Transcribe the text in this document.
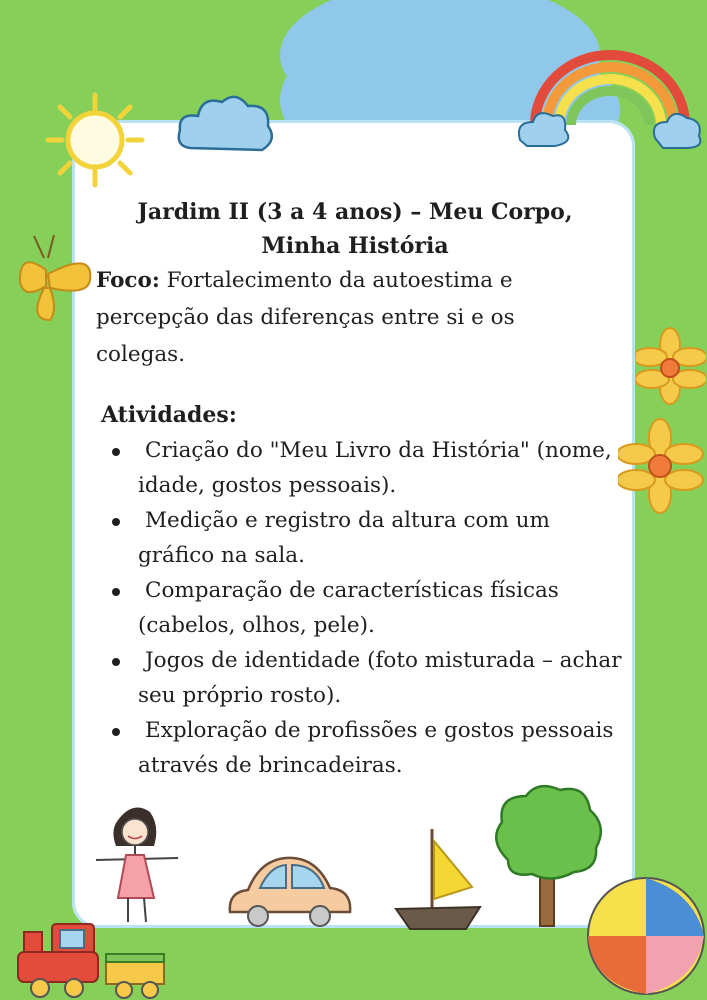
Jardim II (3 a 4 anos) – Meu Corpo, Minha História
Foco: Fortalecimento da autoestima e percepção das diferenças entre si e os colegas.
Atividades:
Criação do "Meu Livro da História" (nome, idade, gostos pessoais).
Medição e registro da altura com um gráfico na sala.
Comparação de características físicas (cabelos, olhos, pele).
Jogos de identidade (foto misturada – achar seu próprio rosto).
Exploração de profissões e gostos pessoais através de brincadeiras.
